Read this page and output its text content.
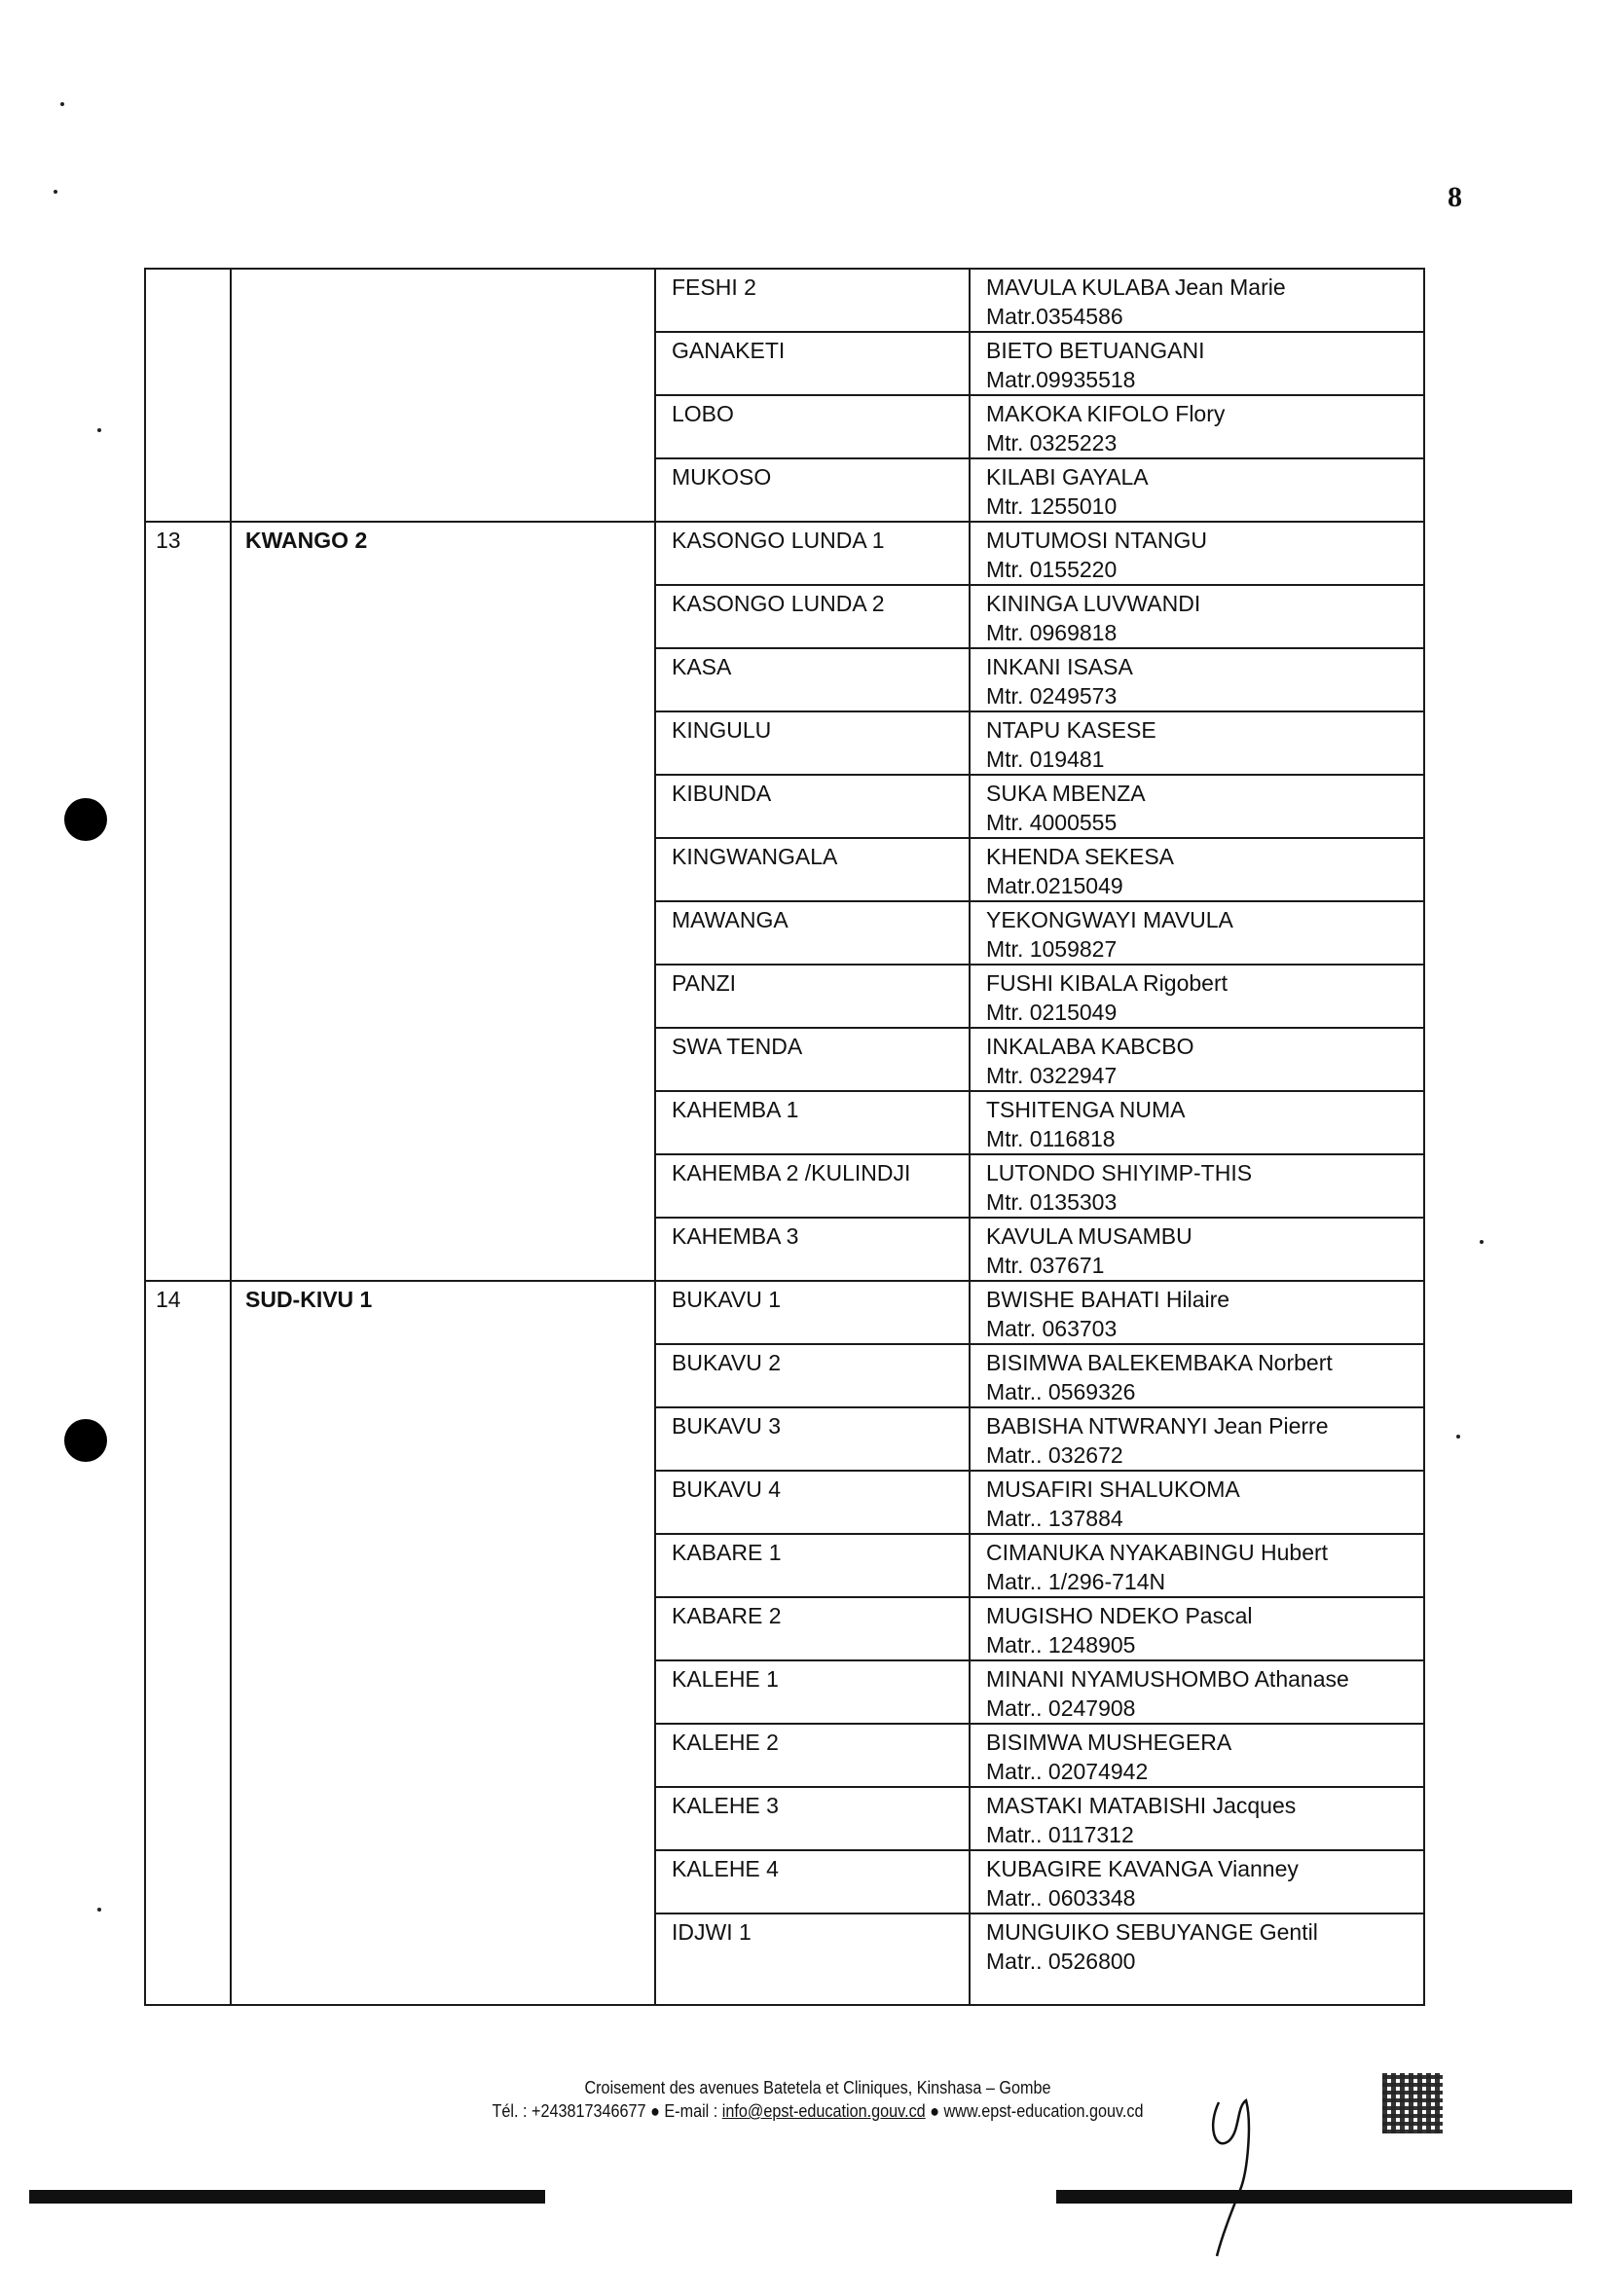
8
		FESHI 2	MAVULA KULABA Jean Marie
Matr.0354586

		GANAKETI	BIETO BETUANGANI
Matr.09935518

		LOBO	MAKOKA KIFOLO Flory
Mtr. 0325223

		MUKOSO	KILABI GAYALA
Mtr. 1255010

13	KWANGO 2	KASONGO LUNDA 1	MUTUMOSI NTANGU
Mtr. 0155220

		KASONGO LUNDA 2	KININGA LUVWANDI
Mtr. 0969818

		KASA	INKANI ISASA
Mtr. 0249573

		KINGULU	NTAPU KASESE
Mtr. 019481

		KIBUNDA	SUKA MBENZA
Mtr. 4000555

		KINGWANGALA	KHENDA SEKESA
Matr.0215049

		MAWANGA	YEKONGWAYI MAVULA
Mtr. 1059827

		PANZI	FUSHI KIBALA Rigobert
Mtr. 0215049

		SWA TENDA	INKALABA KABCBO
Mtr. 0322947

		KAHEMBA 1	TSHITENGA NUMA
Mtr. 0116818

		KAHEMBA 2 /KULINDJI	LUTONDO SHIYIMP-THIS
Mtr. 0135303

		KAHEMBA 3	KAVULA MUSAMBU
Mtr. 037671

14	SUD-KIVU 1	BUKAVU 1	BWISHE BAHATI Hilaire
Matr. 063703

		BUKAVU 2	BISIMWA BALEKEMBAKA Norbert
Matr.. 0569326

		BUKAVU 3	BABISHA NTWRANYI Jean Pierre
Matr.. 032672

		BUKAVU 4	MUSAFIRI SHALUKOMA
Matr.. 137884

		KABARE 1	CIMANUKA NYAKABINGU Hubert
Matr.. 1/296-714N

		KABARE 2	MUGISHO NDEKO Pascal
Matr.. 1248905

		KALEHE 1	MINANI NYAMUSHOMBO Athanase
Matr.. 0247908

		KALEHE 2	BISIMWA MUSHEGERA
Matr.. 02074942

		KALEHE 3	MASTAKI MATABISHI Jacques
Matr.. 0117312

		KALEHE 4	KUBAGIRE KAVANGA Vianney
Matr.. 0603348

		IDJWI 1	MUNGUIKO SEBUYANGE Gentil
Matr.. 0526800
Croisement des avenues Batetela et Cliniques, Kinshasa – Gombe
Tél. : +243817346677 ● E-mail : info@epst-education.gouv.cd ● www.epst-education.gouv.cd
